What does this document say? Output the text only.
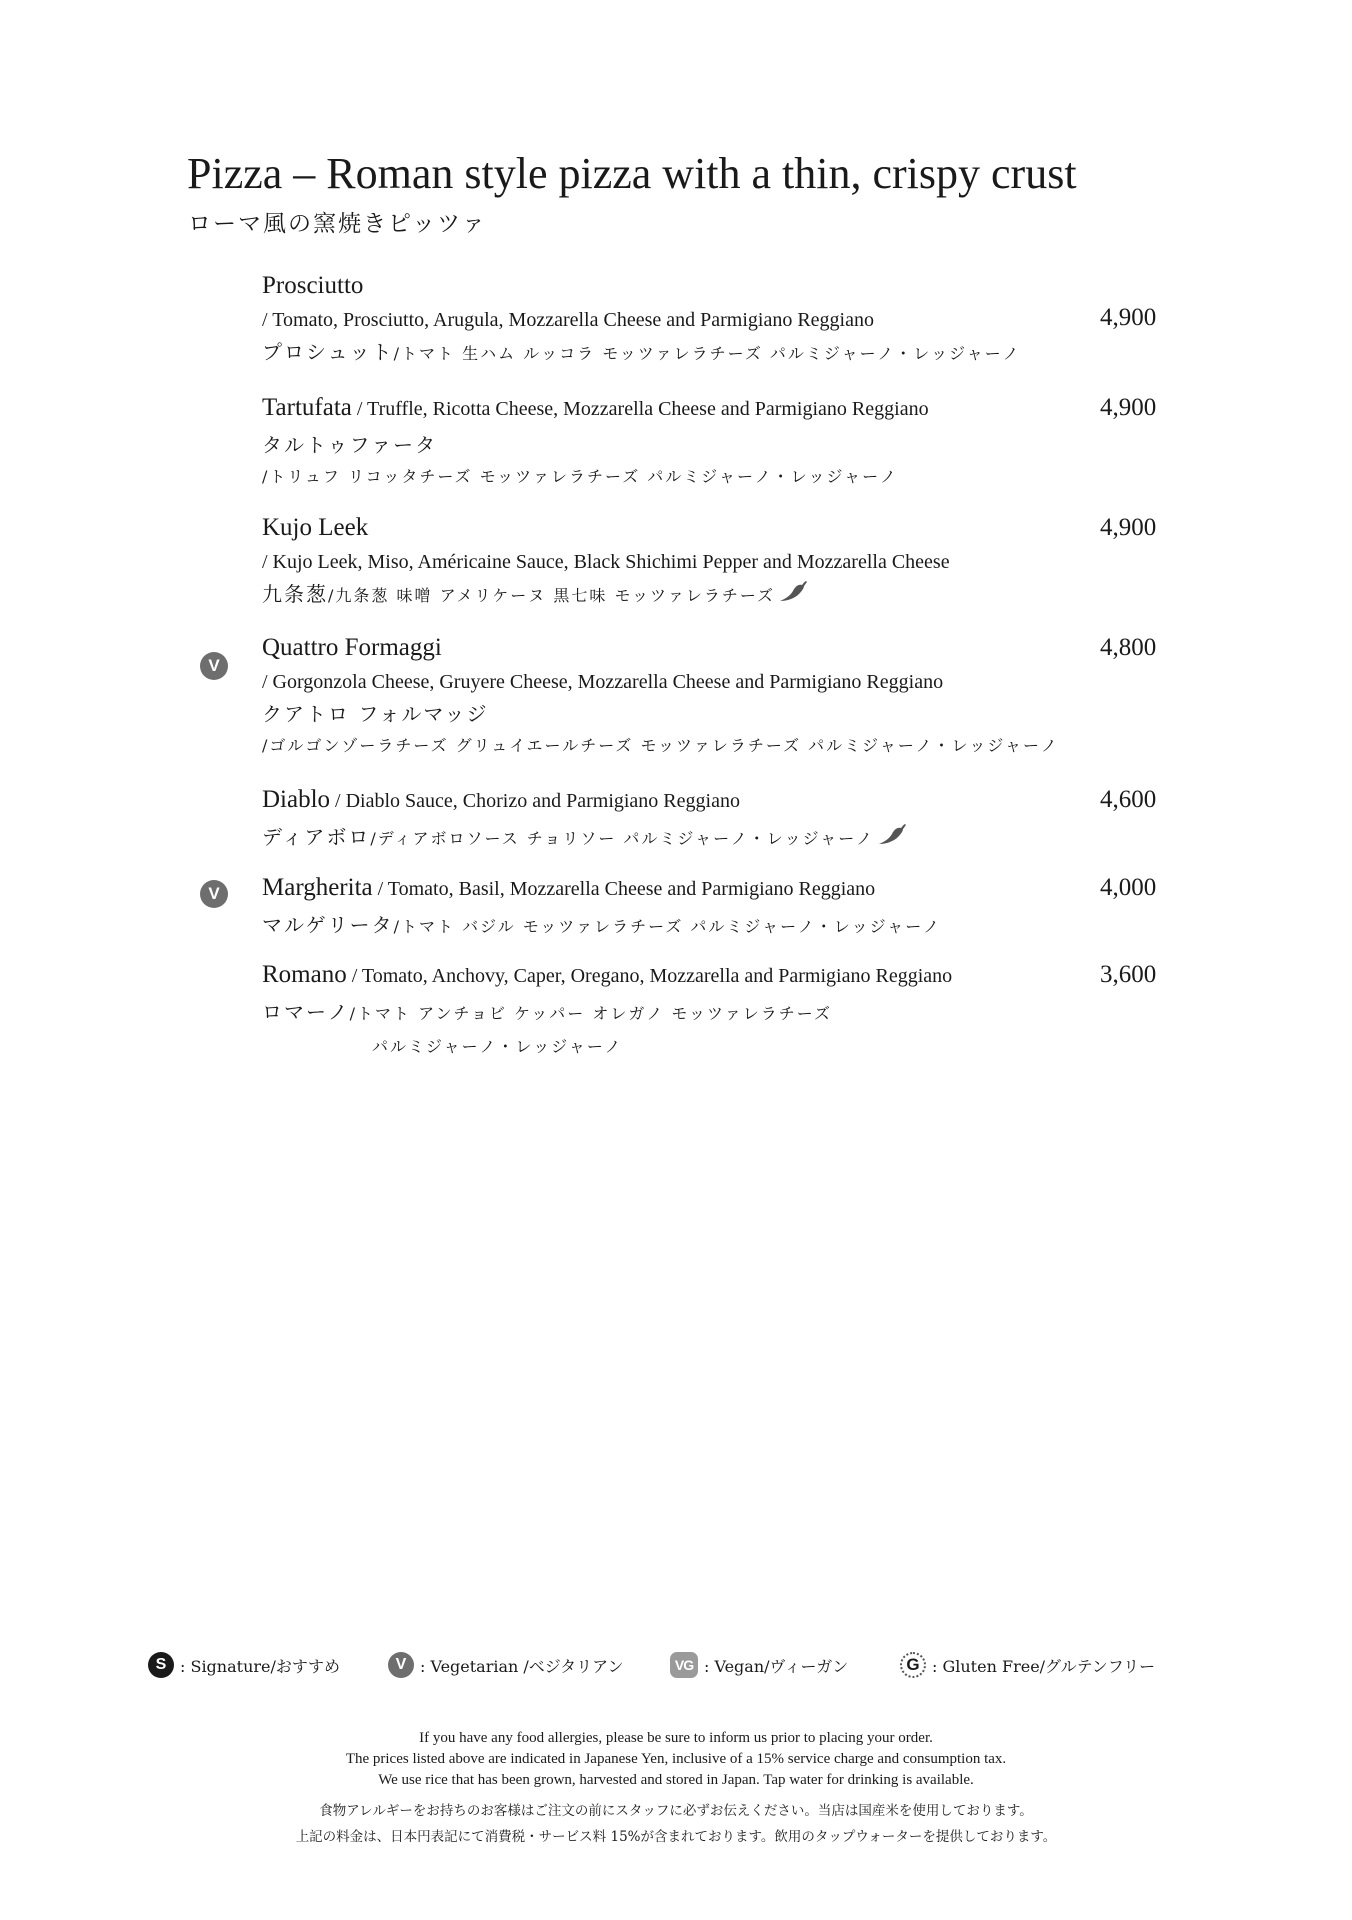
Pizza – Roman style pizza with a thin, crispy crust
ローマ風の窯焼きピッツァ
Prosciutto
/ Tomato, Prosciutto, Arugula, Mozzarella Cheese and Parmigiano Reggiano
プロシュット/トマト 生ハム ルッコラ モッツァレラチーズ パルミジャーノ・レッジャーノ
4,900
Tartufata / Truffle, Ricotta Cheese, Mozzarella Cheese and Parmigiano Reggiano
タルトゥファータ
/トリュフ リコッタチーズ モッツァレラチーズ パルミジャーノ・レッジャーノ
4,900
Kujo Leek
/ Kujo Leek, Miso, Américaine Sauce, Black Shichimi Pepper and Mozzarella Cheese
九条葱/九条葱 味噌 アメリケーヌ 黒七味 モッツァレラチーズ
4,900
V
Quattro Formaggi
/ Gorgonzola Cheese, Gruyere Cheese, Mozzarella Cheese and Parmigiano Reggiano
クアトロ フォルマッジ
/ゴルゴンゾーラチーズ グリュイエールチーズ モッツァレラチーズ パルミジャーノ・レッジャーノ
4,800
Diablo / Diablo Sauce, Chorizo and Parmigiano Reggiano
ディアボロ/ディアボロソース チョリソー パルミジャーノ・レッジャーノ
4,600
V	Margherita / Tomato, Basil, Mozzarella Cheese and Parmigiano Reggiano
マルゲリータ/トマト バジル モッツァレラチーズ パルミジャーノ・レッジャーノ
4,000
Romano / Tomato, Anchovy, Caper, Oregano, Mozzarella and Parmigiano Reggiano
ロマーノ/トマト アンチョビ ケッパー オレガノ モッツァレラチーズ
パルミジャーノ・レッジャーノ
3,600
S : Signature/おすすめ	V : Vegetarian /ベジタリアン	VG : Vegan/ヴィーガン	G : Gluten Free/グルテンフリー
If you have any food allergies, please be sure to inform us prior to placing your order.
The prices listed above are indicated in Japanese Yen, inclusive of a 15% service charge and consumption tax.
We use rice that has been grown, harvested and stored in Japan. Tap water for drinking is available.
食物アレルギーをお持ちのお客様はご注文の前にスタッフに必ずお伝えください。当店は国産米を使用しております。
上記の料金は、日本円表記にて消費税・サービス料 15%が含まれております。飲用のタップウォーターを提供しております。
